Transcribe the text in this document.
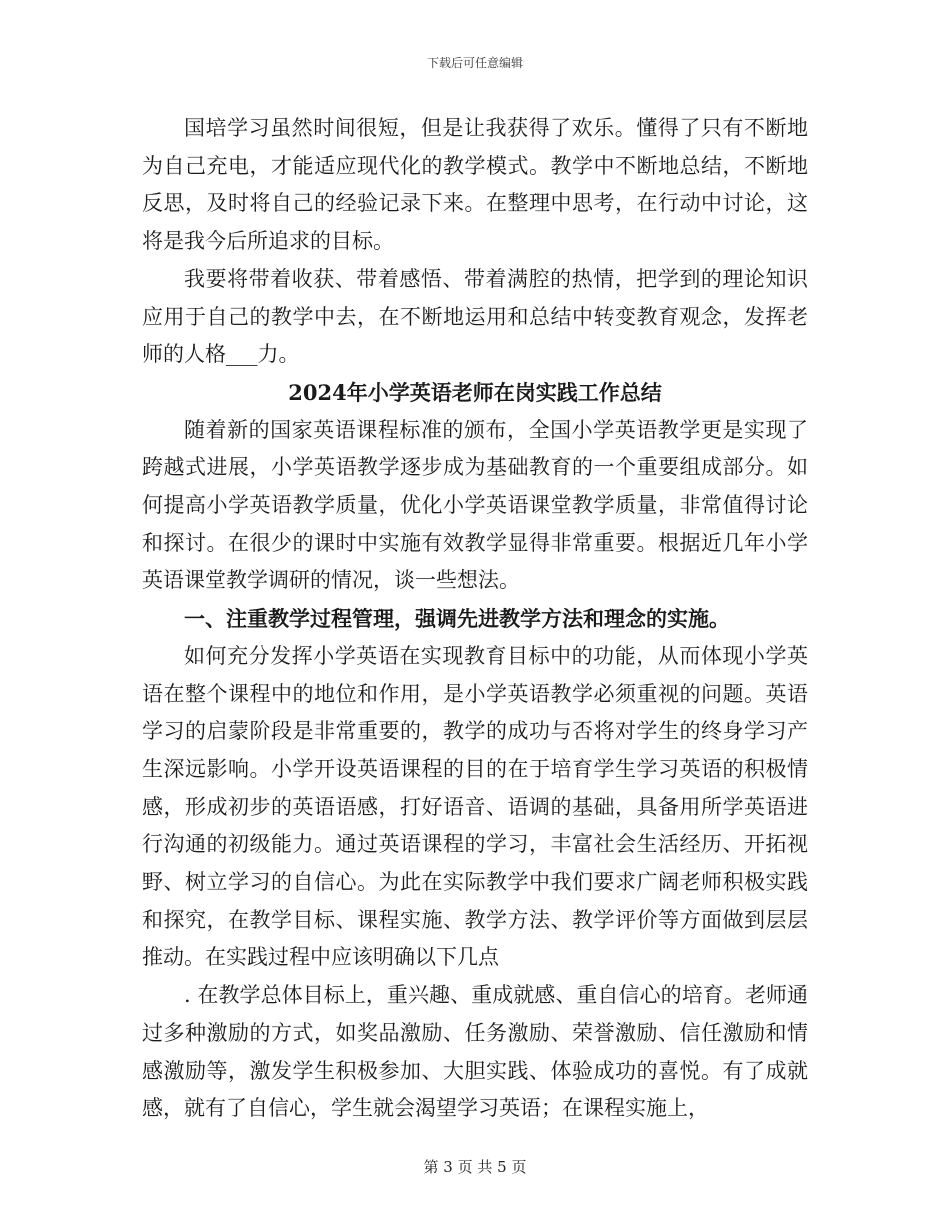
下载后可任意编辑

国培学习虽然时间很短，但是让我获得了欢乐。懂得了只有不断地为自己充电，才能适应现代化的教学模式。教学中不断地总结，不断地反思，及时将自己的经验记录下来。在整理中思考，在行动中讨论，这将是我今后所追求的目标。

我要将带着收获、带着感悟、带着满腔的热情，把学到的理论知识应用于自己的教学中去，在不断地运用和总结中转变教育观念，发挥老师的人格___力。

2024年小学英语老师在岗实践工作总结

随着新的国家英语课程标准的颁布，全国小学英语教学更是实现了跨越式进展，小学英语教学逐步成为基础教育的一个重要组成部分。如何提高小学英语教学质量，优化小学英语课堂教学质量，非常值得讨论和探讨。在很少的课时中实施有效教学显得非常重要。根据近几年小学英语课堂教学调研的情况，谈一些想法。

一、注重教学过程管理，强调先进教学方法和理念的实施。

如何充分发挥小学英语在实现教育目标中的功能，从而体现小学英语在整个课程中的地位和作用，是小学英语教学必须重视的问题。英语学习的启蒙阶段是非常重要的，教学的成功与否将对学生的终身学习产生深远影响。小学开设英语课程的目的在于培育学生学习英语的积极情感，形成初步的英语语感，打好语音、语调的基础，具备用所学英语进行沟通的初级能力。通过英语课程的学习，丰富社会生活经历、开拓视野、树立学习的自信心。为此在实际教学中我们要求广阔老师积极实践和探究，在教学目标、课程实施、教学方法、教学评价等方面做到层层推动。在实践过程中应该明确以下几点

. 在教学总体目标上，重兴趣、重成就感、重自信心的培育。老师通过多种激励的方式，如奖品激励、任务激励、荣誉激励、信任激励和情感激励等，激发学生积极参加、大胆实践、体验成功的喜悦。有了成就感，就有了自信心，学生就会渴望学习英语；在课程实施上，

第 3 页 共 5 页
